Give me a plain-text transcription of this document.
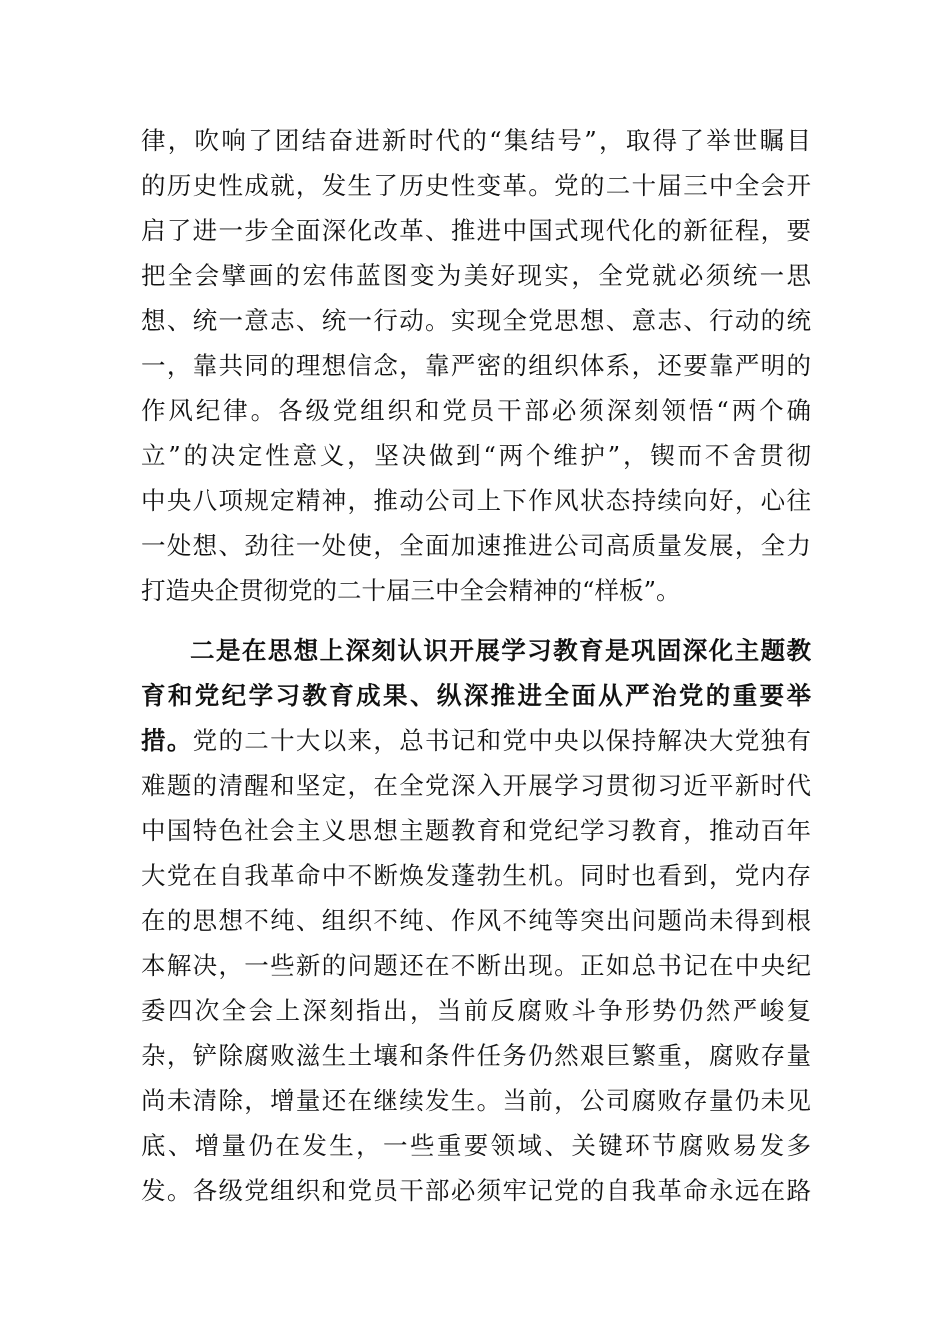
律，吹响了团结奋进新时代的“集结号”，取得了举世瞩目
的历史性成就，发生了历史性变革。党的二十届三中全会开
启了进一步全面深化改革、推进中国式现代化的新征程，要
把全会擘画的宏伟蓝图变为美好现实，全党就必须统一思
想、统一意志、统一行动。实现全党思想、意志、行动的统
一，靠共同的理想信念，靠严密的组织体系，还要靠严明的
作风纪律。各级党组织和党员干部必须深刻领悟“两个确
立”的决定性意义，坚决做到“两个维护”，锲而不舍贯彻
中央八项规定精神，推动公司上下作风状态持续向好，心往
一处想、劲往一处使，全面加速推进公司高质量发展，全力
打造央企贯彻党的二十届三中全会精神的“样板”。
二是在思想上深刻认识开展学习教育是巩固深化主题教
育和党纪学习教育成果、纵深推进全面从严治党的重要举
措。党的二十大以来，总书记和党中央以保持解决大党独有
难题的清醒和坚定，在全党深入开展学习贯彻习近平新时代
中国特色社会主义思想主题教育和党纪学习教育，推动百年
大党在自我革命中不断焕发蓬勃生机。同时也看到，党内存
在的思想不纯、组织不纯、作风不纯等突出问题尚未得到根
本解决，一些新的问题还在不断出现。正如总书记在中央纪
委四次全会上深刻指出，当前反腐败斗争形势仍然严峻复
杂，铲除腐败滋生土壤和条件任务仍然艰巨繁重，腐败存量
尚未清除，增量还在继续发生。当前，公司腐败存量仍未见
底、增量仍在发生，一些重要领域、关键环节腐败易发多
发。各级党组织和党员干部必须牢记党的自我革命永远在路
